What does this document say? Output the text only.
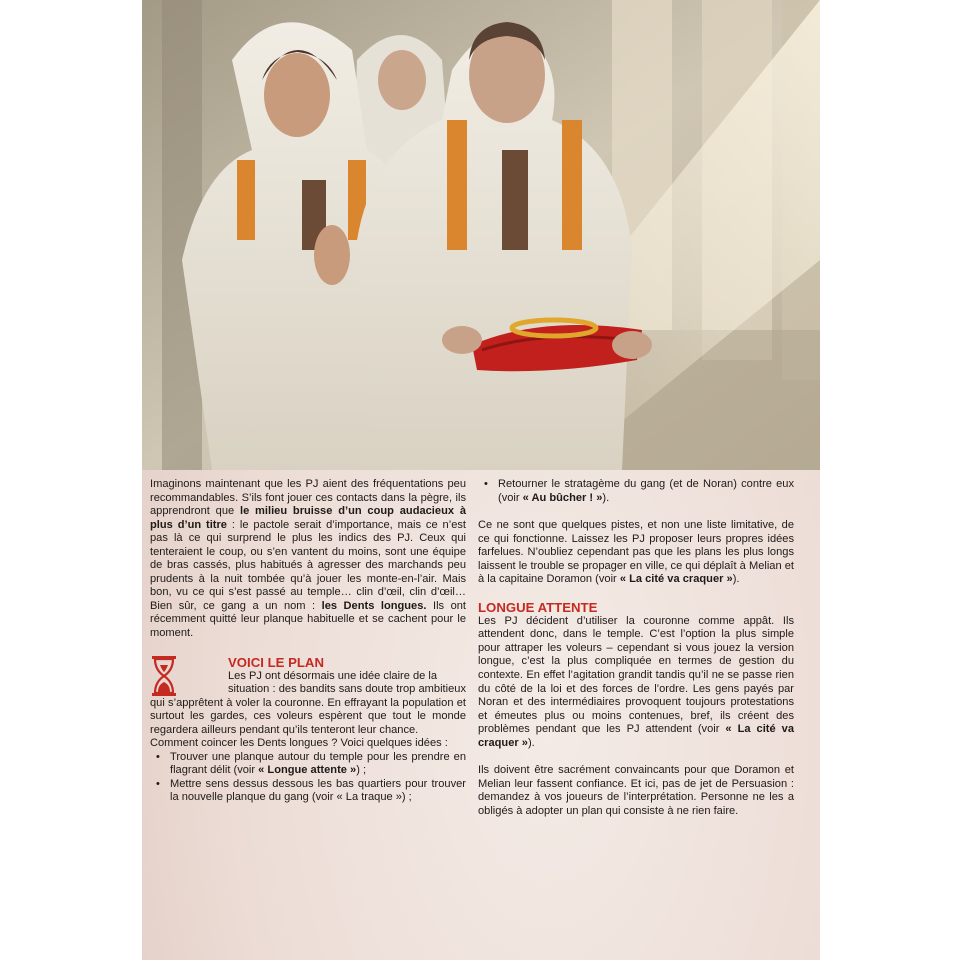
Imaginons maintenant que les PJ aient des fréquentations peu recommandables. S’ils font jouer ces contacts dans la pègre, ils apprendront que le milieu bruisse d’un coup audacieux à plus d’un titre : le pactole serait d’importance, mais ce n’est pas là ce qui surprend le plus les indics des PJ. Ceux qui tenteraient le coup, ou s’en vantent du moins, sont une équipe de bras cassés, plus habitués à agresser des marchands peu prudents à la nuit tombée qu’à jouer les monte-en-l’air. Mais bon, vu ce qui s’est passé au temple… clin d’œil, clin d’œil… Bien sûr, ce gang a un nom : les Dents longues. Ils ont récemment quitté leur planque habituelle et se cachent pour le moment.

VOICI LE PLAN

Les PJ ont désormais une idée claire de la

situation : des bandits sans doute trop ambitieux qui s’apprêtent à voler la couronne. En effrayant la population et surtout les gardes, ces voleurs espèrent que tout le monde regardera ailleurs pendant qu’ils tenteront leur chance.

Comment coincer les Dents longues ? Voici quelques idées :

• Trouver une planque autour du temple pour les prendre en flagrant délit (voir « Longue attente ») ;
• Mettre sens dessus dessous les bas quartiers pour trouver la nouvelle planque du gang (voir « La traque ») ;
• Retourner le stratagème du gang (et de Noran) contre eux (voir « Au bûcher ! »).

Ce ne sont que quelques pistes, et non une liste limitative, de ce qui fonctionne. Laissez les PJ proposer leurs propres idées farfelues. N’oubliez cependant pas que les plans les plus longs laissent le trouble se propager en ville, ce qui déplaît à Melian et à la capitaine Doramon (voir « La cité va craquer »).

LONGUE ATTENTE

Les PJ décident d’utiliser la couronne comme appât. Ils attendent donc, dans le temple. C’est l’option la plus simple pour attraper les voleurs – cependant si vous jouez la version longue, c’est la plus compliquée en termes de gestion du contexte. En effet l’agitation grandit tandis qu’il ne se passe rien du côté de la loi et des forces de l’ordre. Les gens payés par Noran et des intermédiaires provoquent toujours protestations et émeutes plus ou moins contenues, bref, ils créent des problèmes pendant que les PJ attendent (voir « La cité va craquer »).

Ils doivent être sacrément convaincants pour que Doramon et Melian leur fassent confiance. Et ici, pas de jet de Persuasion : demandez à vos joueurs de l’interprétation. Personne ne les a obligés à adopter un plan qui consiste à ne rien faire.
